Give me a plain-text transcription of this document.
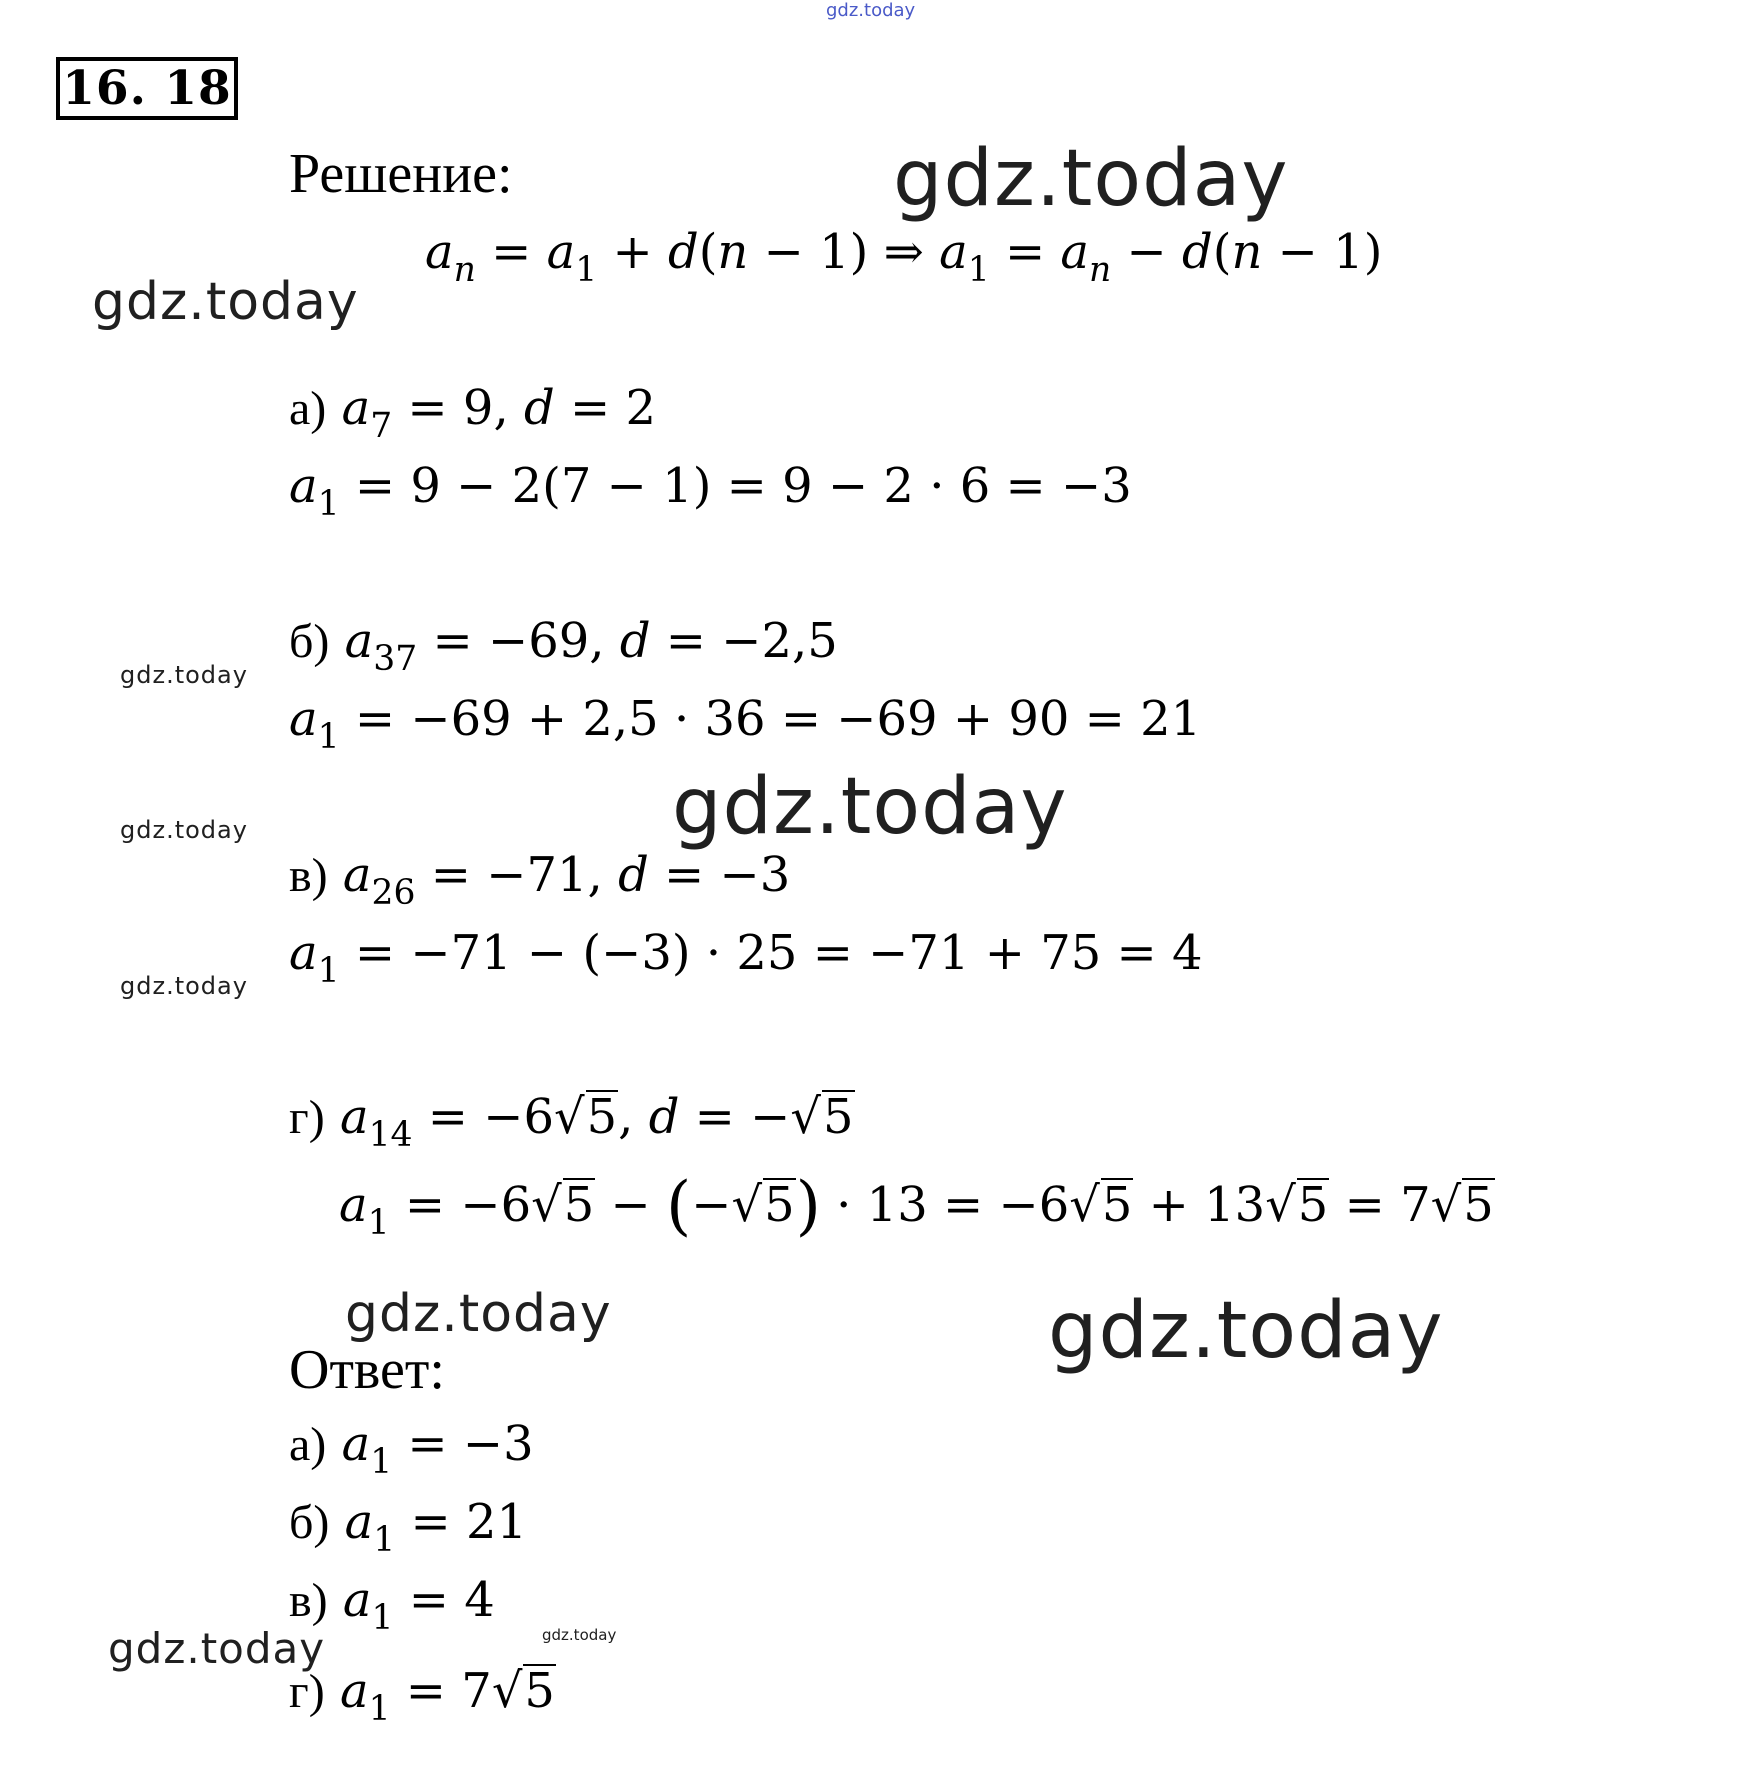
gdz.today
gdz.today
gdz.today
gdz.today
gdz.today
gdz.today
gdz.today
gdz.today	gdz.today
gdz.today	gdz.today
16. 18
Решение:
$a_n = a_1 + d(n - 1)$ ⇒ $a_1 = a_n - d(n - 1)$
а) $a_7 = 9$, d = 2
$a_1 = 9 - 2(7 - 1) = 9 - 2 \cdot 6 = -3$
б) $a_{37} = -69$, d = −2,5
$a_1 = -69 + 2,5 \cdot 36 = -69 + 90 = 21$
в) $a_{26} = -71$, d = −3
$a_1 = -71 - (-3) \cdot 25 = -71 + 75 = 4$
г) $a_{14} = -6√5$, d = −√5
$a_1 = -6√5 - (-√5) \cdot 13 = -6√5 + 13√5 = 7√5$
Ответ:
а) $a_1 = -3$
б) $a_1 = 21$
в) $a_1 = 4$
г) $a_1 = 7√5$
